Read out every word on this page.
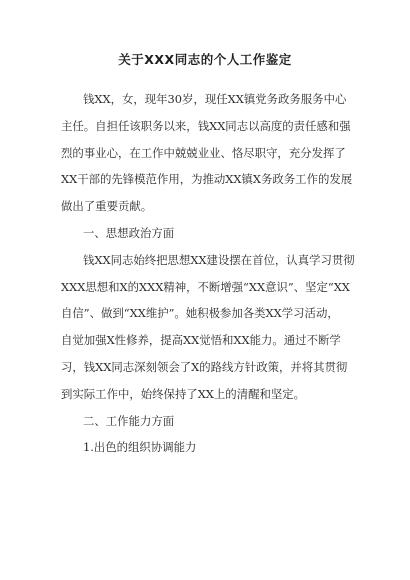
关于XXX同志的个人工作鉴定
钱XX，女，现年30岁，现任XX镇党务政务服务中心
主任。自担任该职务以来，钱XX同志以高度的责任感和强
烈的事业心，在工作中兢兢业业、恪尽职守，充分发挥了
XX干部的先锋模范作用，为推动XX镇X务政务工作的发展
做出了重要贡献。
一、思想政治方面
钱XX同志始终把思想XX建设摆在首位，认真学习贯彻
XXX思想和X的XXX精神，不断增强“XX意识”、坚定“XX
自信”、做到“XX维护”。她积极参加各类XX学习活动，
自觉加强X性修养，提高XX觉悟和XX能力。通过不断学
习，钱XX同志深刻领会了X的路线方针政策，并将其贯彻
到实际工作中，始终保持了XX上的清醒和坚定。
二、工作能力方面
1.出色的组织协调能力
